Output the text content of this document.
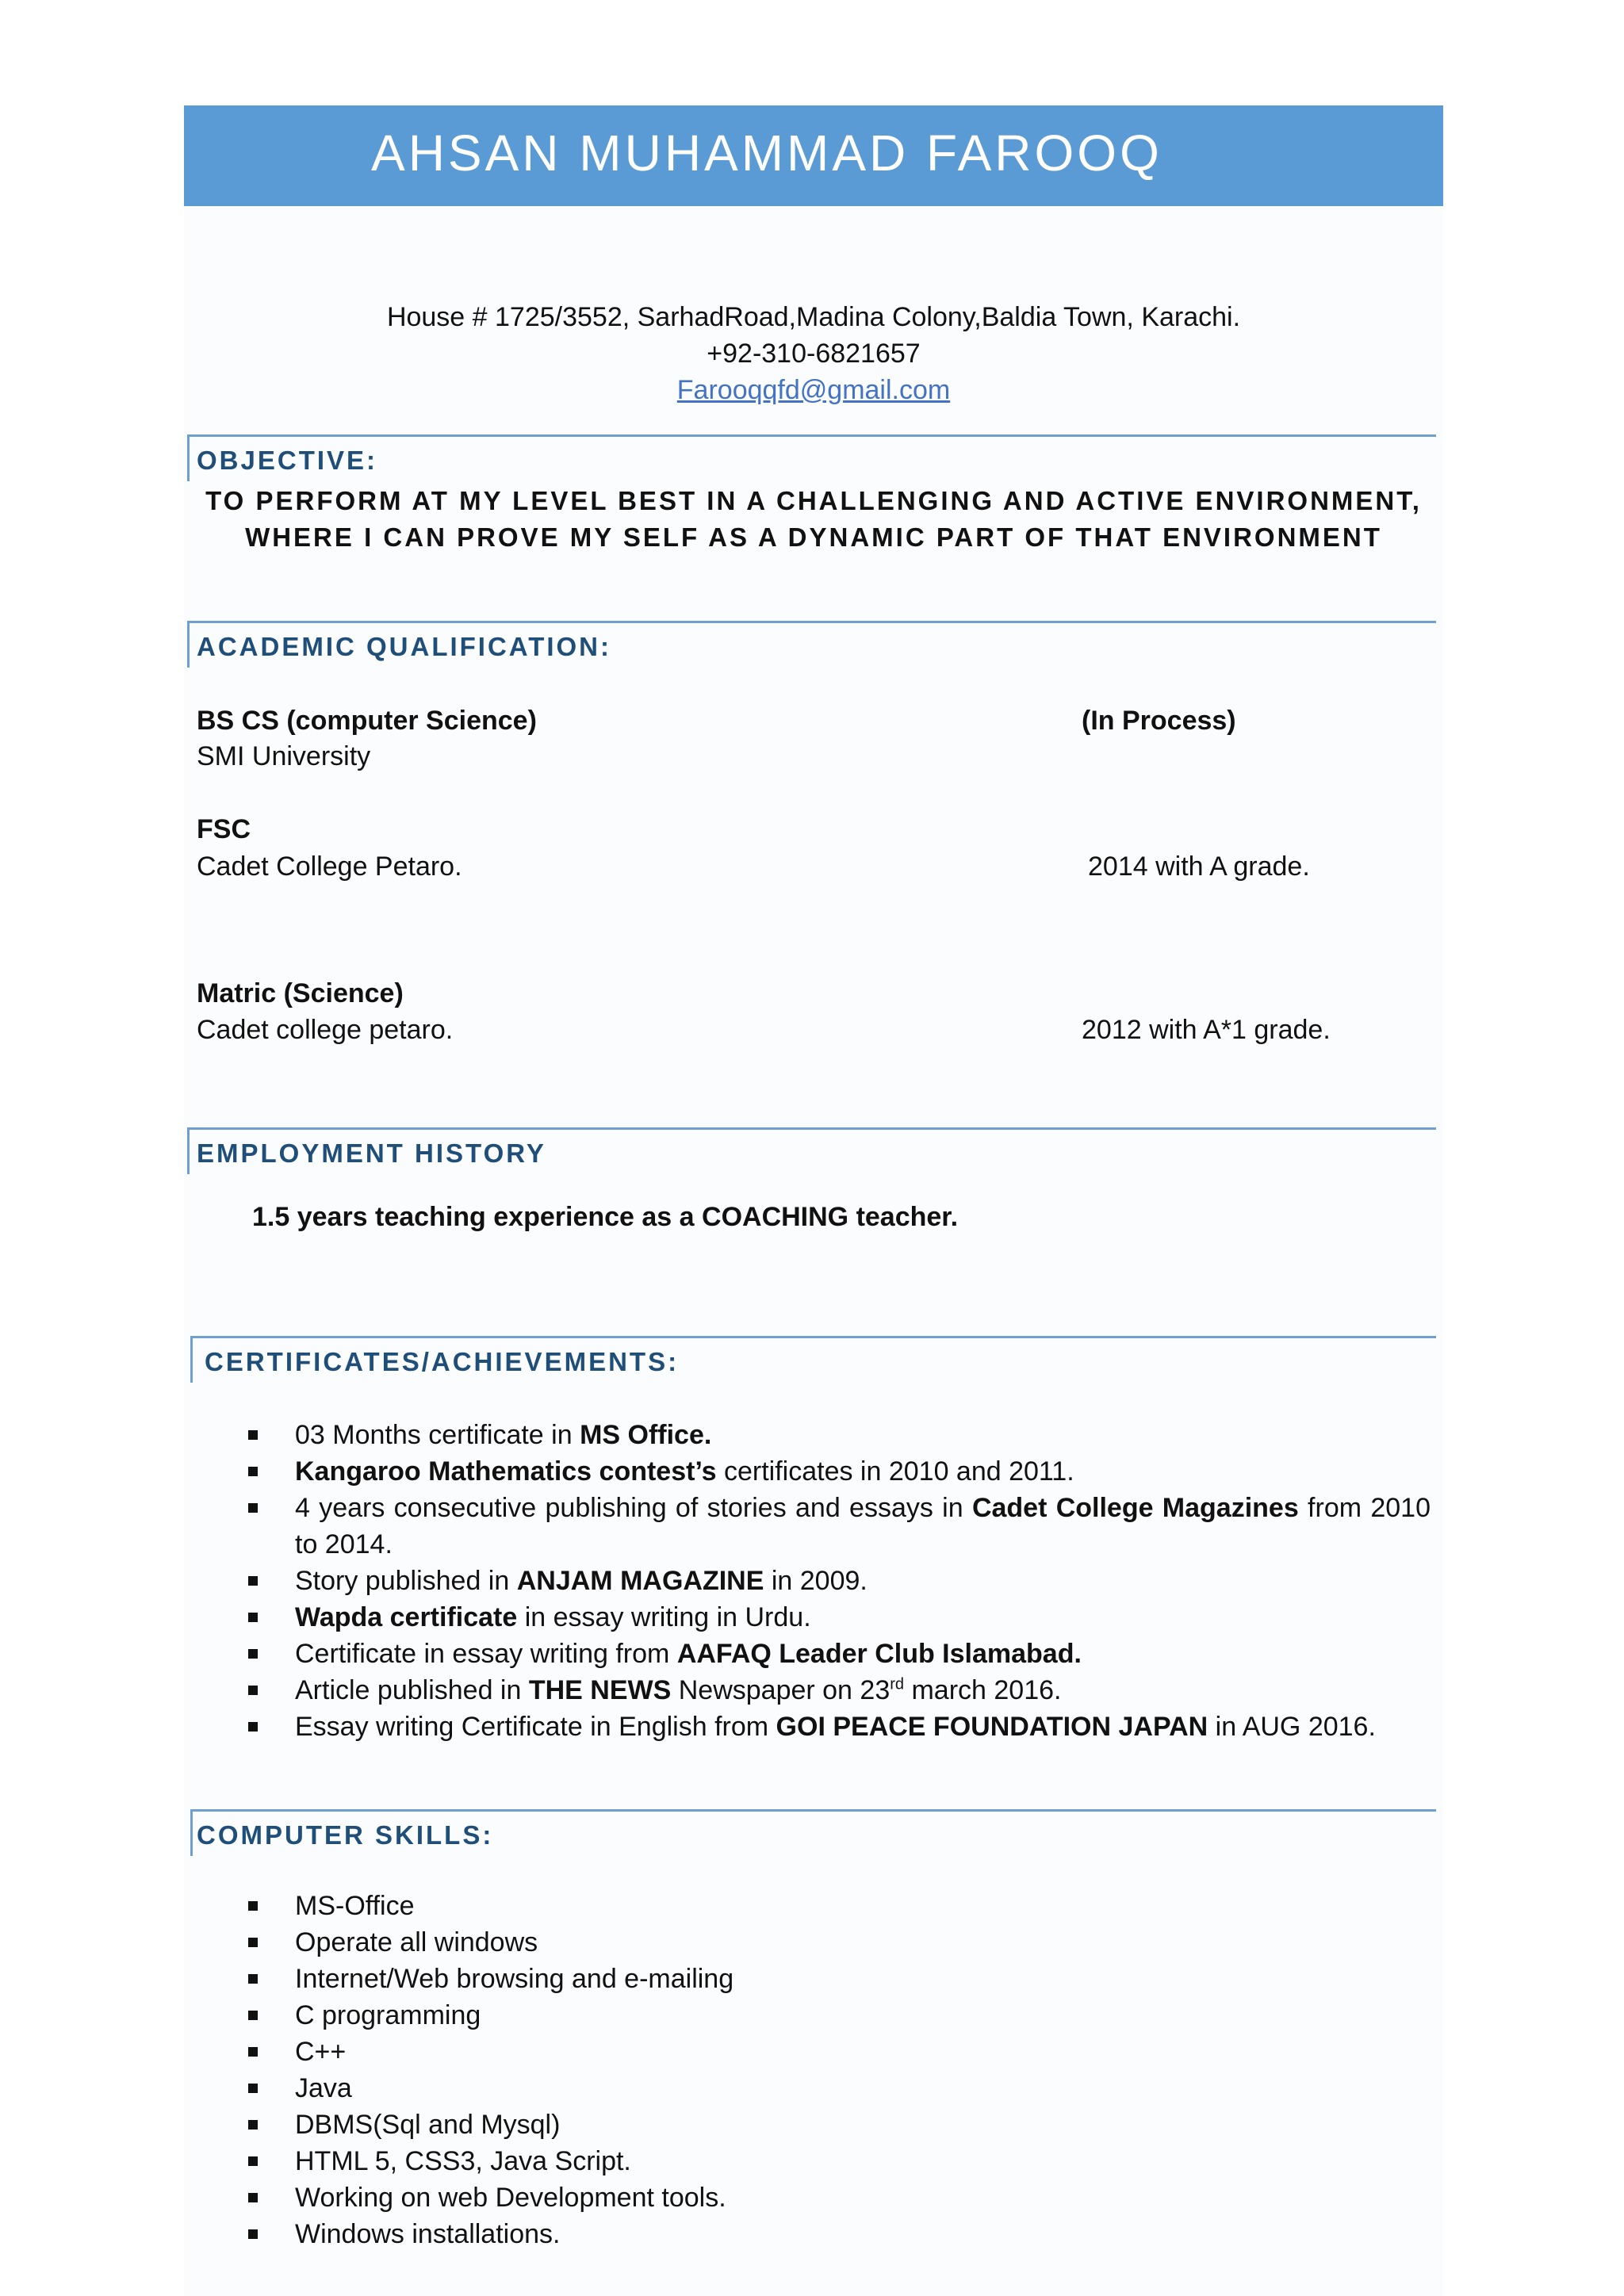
AHSAN MUHAMMAD FAROOQ
House # 1725/3552, SarhadRoad,Madina Colony,Baldia Town, Karachi.
+92-310-6821657
Farooqqfd@gmail.com
OBJECTIVE:
TO PERFORM AT MY LEVEL BEST IN A CHALLENGING AND ACTIVE ENVIRONMENT,
WHERE I CAN PROVE MY SELF AS A DYNAMIC PART OF THAT ENVIRONMENT
ACADEMIC QUALIFICATION:
BS CS (computer Science)	(In Process)
SMI University
FSC
Cadet College Petaro.	2014 with A grade.
Matric (Science)
Cadet college petaro.	2012 with A*1 grade.
EMPLOYMENT HISTORY
1.5 years teaching experience as a COACHING teacher.
CERTIFICATES/ACHIEVEMENTS:
03 Months certificate in MS Office.
Kangaroo Mathematics contest’s certificates in 2010 and 2011.
4 years consecutive publishing of stories and essays in Cadet College Magazines from 2010
to 2014.
Story published in ANJAM MAGAZINE in 2009.
Wapda certificate in essay writing in Urdu.
Certificate in essay writing from AAFAQ Leader Club Islamabad.
Article published in THE NEWS Newspaper on 23rd march 2016.
Essay writing Certificate in English from GOI PEACE FOUNDATION JAPAN in AUG 2016.
COMPUTER SKILLS:
MS-Office
Operate all windows
Internet/Web browsing and e-mailing
C programming
C++
Java
DBMS(Sql and Mysql)
HTML 5, CSS3, Java Script.
Working on web Development tools.
Windows installations.
